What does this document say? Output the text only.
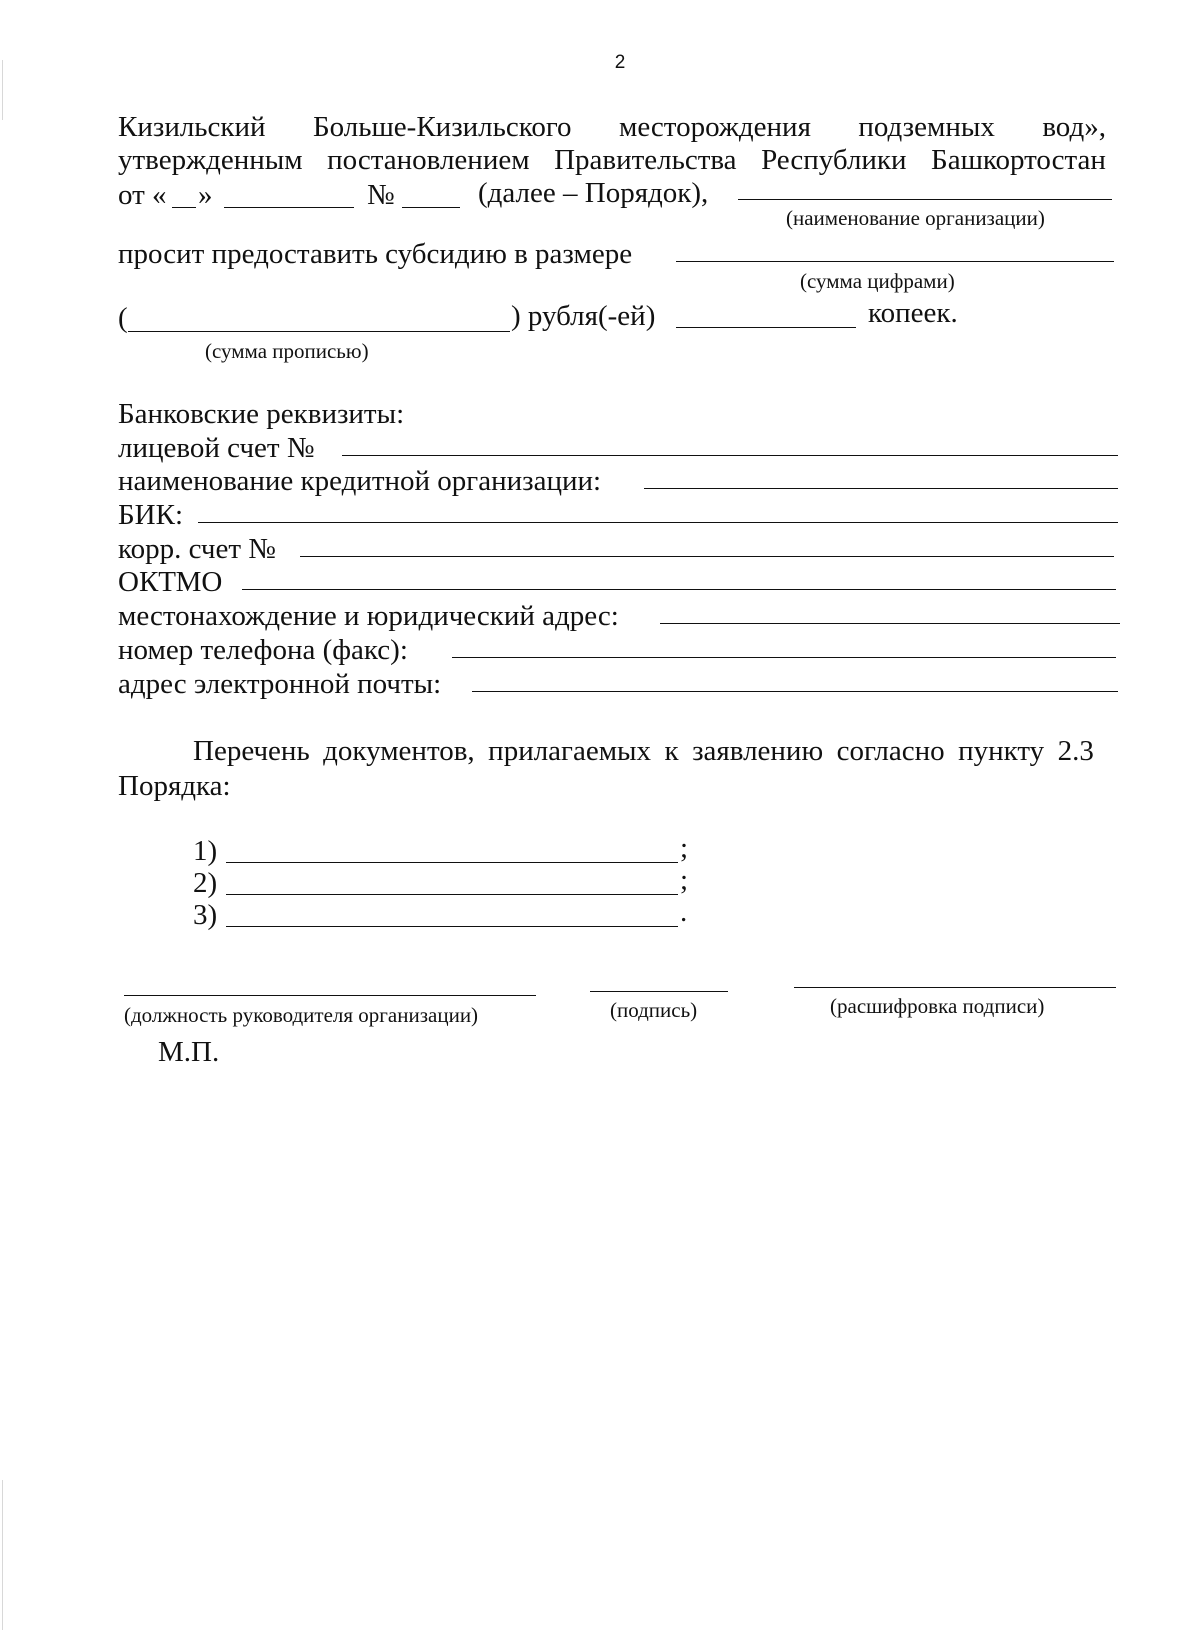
2
Кизильский Больше-Кизильского месторождения подземных вод»,
утвержденным постановлением Правительства Республики Башкортостан
от « »	№	(далее – Порядок),
(наименование организации)
просит предоставить субсидию в размере
(сумма цифрами)
(	) рубля(-ей)	копеек.
(сумма прописью)
Банковские реквизиты:
лицевой счет №
наименование кредитной организации:
БИК:
корр. счет №
ОКТМО
местонахождение и юридический адрес:
номер телефона (факс):
адрес электронной почты:
Перечень документов, прилагаемых к заявлению согласно пункту 2.3
Порядка:
1)	;
2)	;
3)	.
(должность руководителя организации)	(подпись)	(расшифровка подписи)
М.П.
